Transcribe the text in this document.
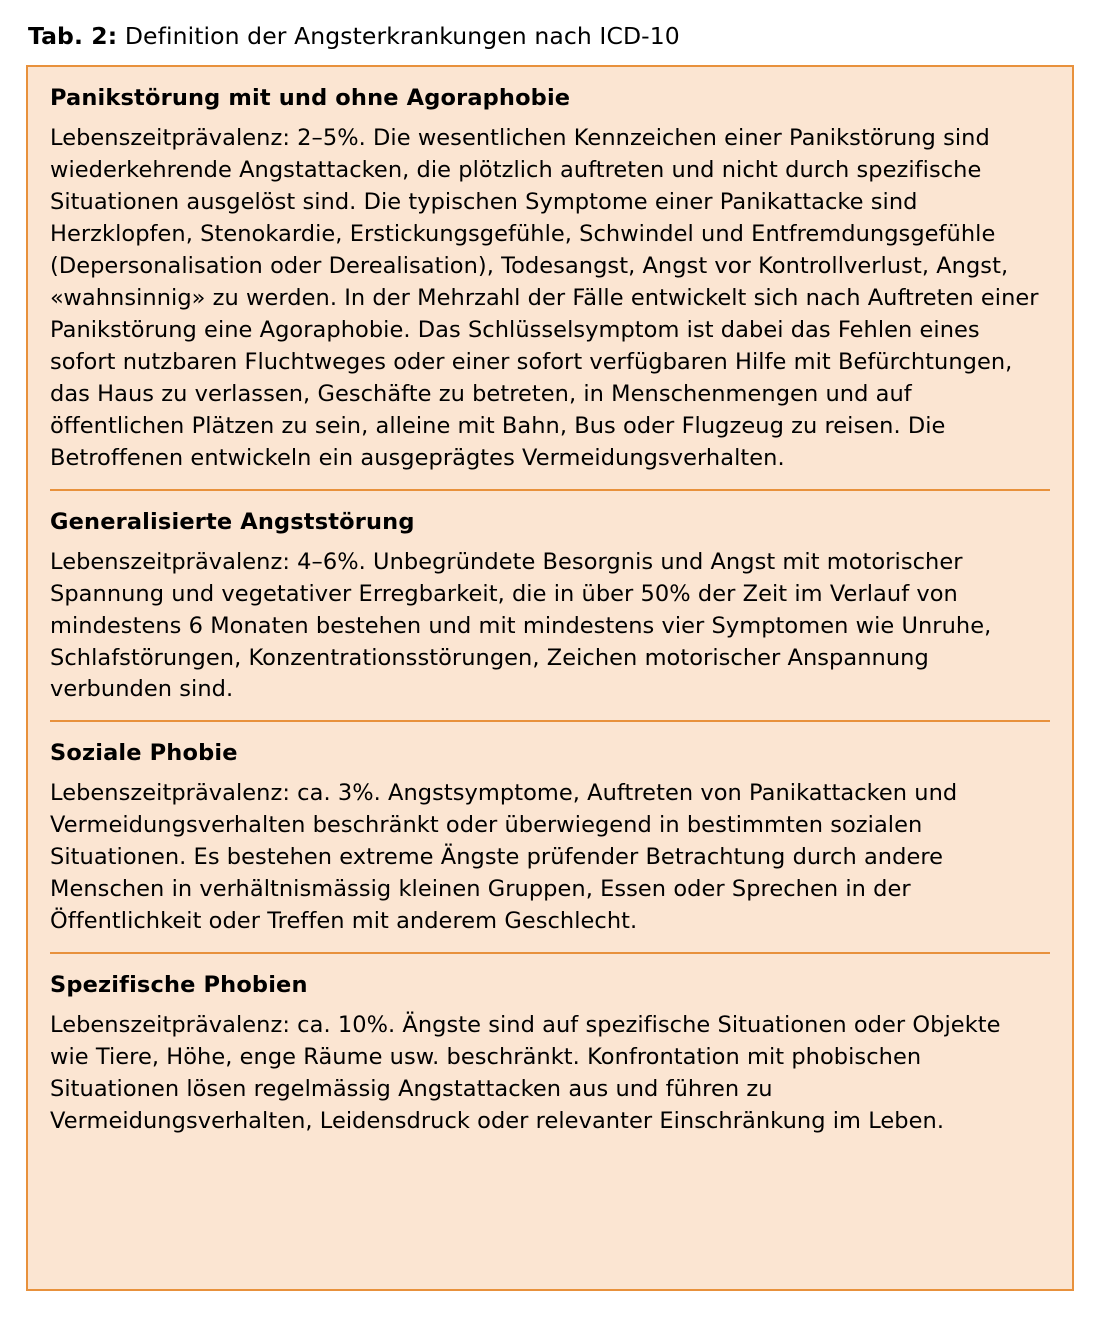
Tab. 2: Definition der Angsterkrankungen nach ICD-10
Panikstörung mit und ohne Agoraphobie

Lebenszeitprävalenz: 2–5%. Die wesentlichen Kennzeichen einer Panikstörung sind wiederkehrende Angstattacken, die plötzlich auftreten und nicht durch spezifische Situationen ausgelöst sind. Die typischen Symptome einer Panikattacke sind Herzklopfen, Stenokardie, Erstickungsgefühle, Schwindel und Entfremdungsgefühle (Depersonalisation oder Derealisation), Todesangst, Angst vor Kontrollverlust, Angst, «wahnsinnig» zu werden. In der Mehrzahl der Fälle entwickelt sich nach Auftreten einer Panikstörung eine Agoraphobie. Das Schlüsselsymptom ist dabei das Fehlen eines sofort nutzbaren Fluchtweges oder einer sofort verfügbaren Hilfe mit Befürchtungen, das Haus zu verlassen, Geschäfte zu betreten, in Menschenmengen und auf öffentlichen Plätzen zu sein, alleine mit Bahn, Bus oder Flugzeug zu reisen. Die Betroffenen entwickeln ein ausgeprägtes Vermeidungsverhalten.

Generalisierte Angststörung

Lebenszeitprävalenz: 4–6%. Unbegründete Besorgnis und Angst mit motorischer Spannung und vegetativer Erregbarkeit, die in über 50% der Zeit im Verlauf von mindestens 6 Monaten bestehen und mit mindestens vier Symptomen wie Unruhe, Schlafstörungen, Konzentrationsstörungen, Zeichen motorischer Anspannung verbunden sind.

Soziale Phobie

Lebenszeitprävalenz: ca. 3%. Angstsymptome, Auftreten von Panikattacken und Vermeidungsverhalten beschränkt oder überwiegend in bestimmten sozialen Situationen. Es bestehen extreme Ängste prüfender Betrachtung durch andere Menschen in verhältnismässig kleinen Gruppen, Essen oder Sprechen in der Öffentlichkeit oder Treffen mit anderem Geschlecht.

Spezifische Phobien

Lebenszeitprävalenz: ca. 10%. Ängste sind auf spezifische Situationen oder Objekte wie Tiere, Höhe, enge Räume usw. beschränkt. Konfrontation mit phobischen Situationen lösen regelmässig Angstattacken aus und führen zu Vermeidungsverhalten, Leidensdruck oder relevanter Einschränkung im Leben.
